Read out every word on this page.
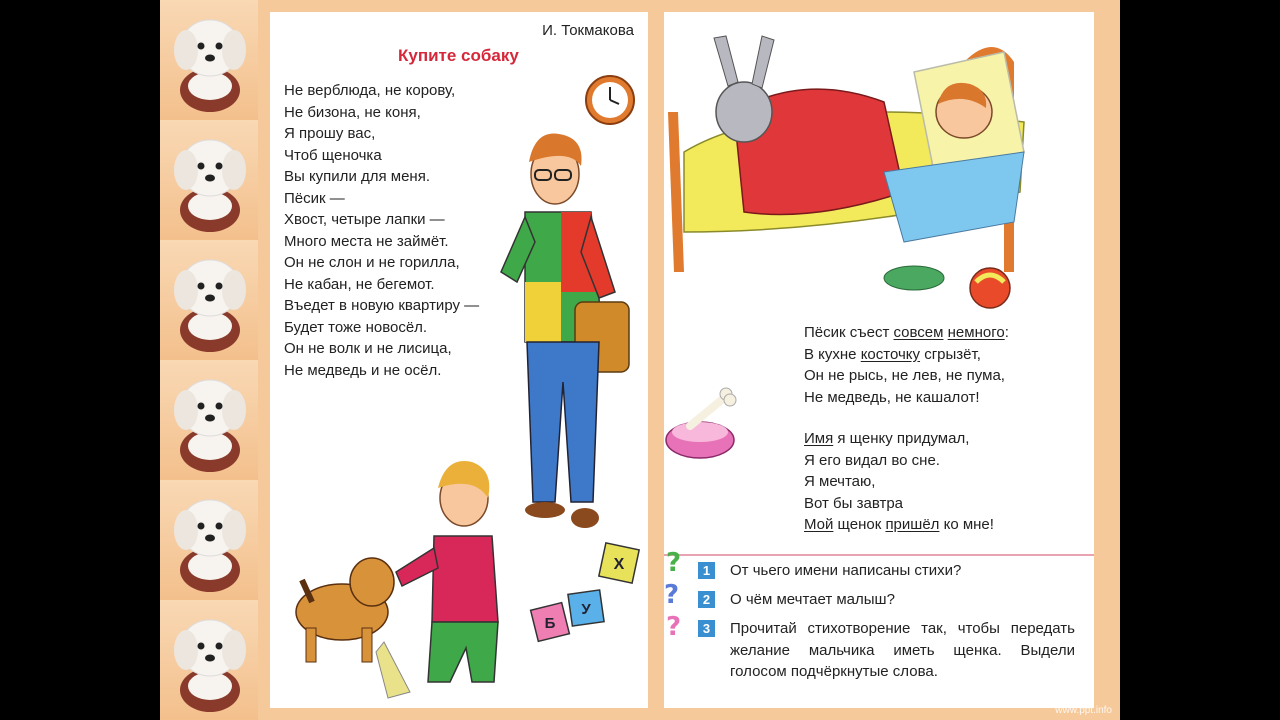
И. Токмакова

Купите собаку
Не верблюда, не корову,
Не бизона, не коня,
Я прошу вас,
Чтоб щеночка
Вы купили для меня.
Пёсик —
Хвост, четыре лапки —
Много места не займёт.
Он не слон и не горилла,
Не кабан, не бегемот.
Въедет в новую квартиру —
Будет тоже новосёл.
Он не волк и не лисица,
Не медведь и не осёл.
Х
У
Б
Пёсик съест совсем немного:
В кухне косточку сгрызёт,
Он не рысь, не лев, не пума,
Не медведь, не кашалот!
Имя я щенку придумал,
Я его видал во сне.
Я мечтаю,
Вот бы завтра
Мой щенок пришёл ко мне!
?
?
?
1	От чьего имени написаны стихи?

2	О чём мечтает малыш?

3	Прочитай стихотворение так, чтобы передать желание мальчика иметь щенка. Выдели голосом подчёркнутые слова.

www.ppt.info
